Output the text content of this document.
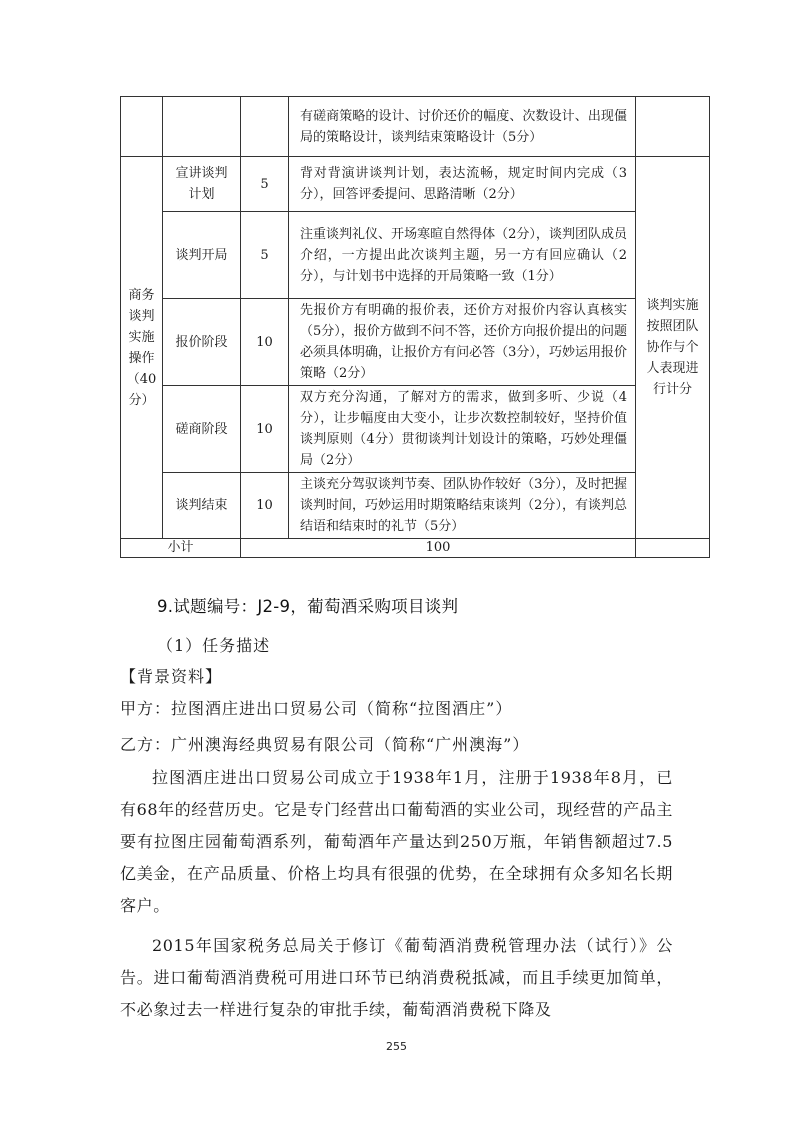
			有磋商策略的设计、讨价还价的幅度、次数设计、出现僵局的策略设计，谈判结束策略设计（5分）	
商务谈判实施操作（40分）	宣讲谈判计划	5	背对背演讲谈判计划，表达流畅，规定时间内完成（3分），回答评委提问、思路清晰（2分）	谈判实施按照团队协作与个人表现进行计分
	谈判开局	5	注重谈判礼仪、开场寒暄自然得体（2分），谈判团队成员介绍，一方提出此次谈判主题，另一方有回应确认（2分），与计划书中选择的开局策略一致（1分）	
	报价阶段	10	先报价方有明确的报价表，还价方对报价内容认真核实（5分），报价方做到不问不答，还价方向报价提出的问题必须具体明确，让报价方有问必答（3分），巧妙运用报价策略（2分）	
	磋商阶段	10	双方充分沟通，了解对方的需求，做到多听、少说（4分），让步幅度由大变小，让步次数控制较好，坚持价值谈判原则（4分）贯彻谈判计划设计的策略，巧妙处理僵局（2分）	
	谈判结束	10	主谈充分驾驭谈判节奏、团队协作较好（3分），及时把握谈判时间，巧妙运用时期策略结束谈判（2分），有谈判总结语和结束时的礼节（5分）	
小计		100		
9.试题编号：J2-9，葡萄酒采购项目谈判

（1）任务描述

【背景资料】

甲方：拉图酒庄进出口贸易公司（简称“拉图酒庄”）

乙方：广州澳海经典贸易有限公司（简称“广州澳海”）

拉图酒庄进出口贸易公司成立于1938年1月，注册于1938年8月，已有68年的经营历史。它是专门经营出口葡萄酒的实业公司，现经营的产品主要有拉图庄园葡萄酒系列，葡萄酒年产量达到250万瓶，年销售额超过7.5亿美金，在产品质量、价格上均具有很强的优势，在全球拥有众多知名长期客户。

2015年国家税务总局关于修订《葡萄酒消费税管理办法（试行）》公告。进口葡萄酒消费税可用进口环节已纳消费税抵减，而且手续更加简单，不必象过去一样进行复杂的审批手续，葡萄酒消费税下降及

255
